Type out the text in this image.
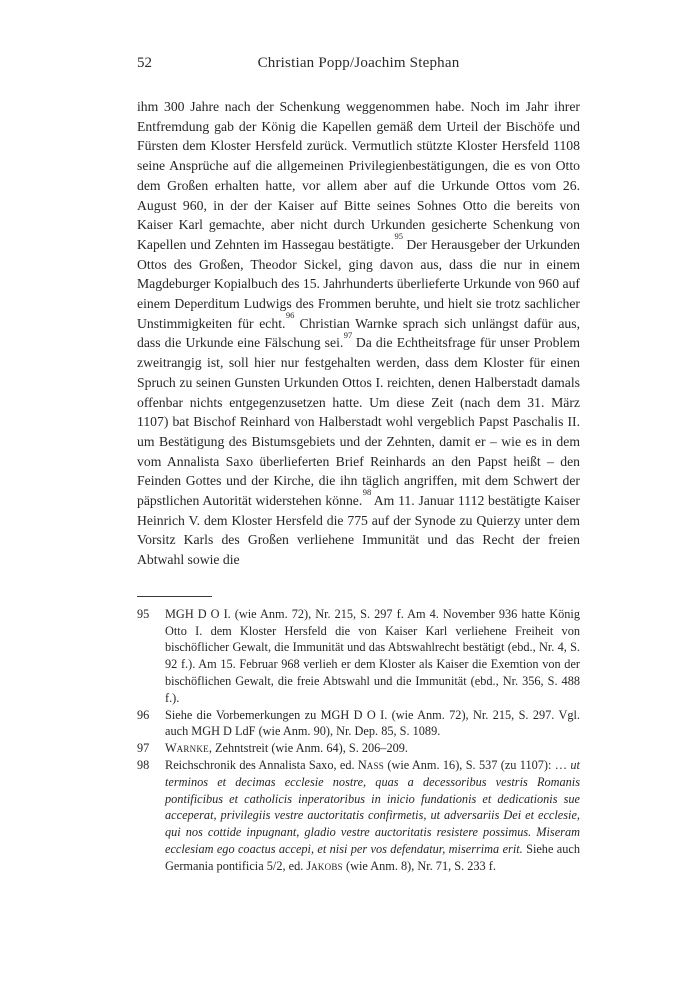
52	Christian Popp/Joachim Stephan
ihm 300 Jahre nach der Schenkung weggenommen habe. Noch im Jahr ihrer Entfremdung gab der König die Kapellen gemäß dem Urteil der Bischöfe und Fürsten dem Kloster Hersfeld zurück. Vermutlich stützte Kloster Hersfeld 1108 seine Ansprüche auf die allgemeinen Privilegienbestätigungen, die es von Otto dem Großen erhalten hatte, vor allem aber auf die Urkunde Ottos vom 26. August 960, in der der Kaiser auf Bitte seines Sohnes Otto die bereits von Kaiser Karl gemachte, aber nicht durch Urkunden gesicherte Schenkung von Kapellen und Zehnten im Hassegau bestätigte.$^{95}$ Der Herausgeber der Urkunden Ottos des Großen, Theodor Sickel, ging davon aus, dass die nur in einem Magdeburger Kopialbuch des 15. Jahrhunderts überlieferte Urkunde von 960 auf einem Deperditum Ludwigs des Frommen beruhte, und hielt sie trotz sachlicher Unstimmigkeiten für echt.$^{96}$ Christian Warnke sprach sich unlängst dafür aus, dass die Urkunde eine Fälschung sei.$^{97}$ Da die Echtheitsfrage für unser Problem zweitrangig ist, soll hier nur festgehalten werden, dass dem Kloster für einen Spruch zu seinen Gunsten Urkunden Ottos I. reichten, denen Halberstadt damals offenbar nichts entgegenzusetzen hatte. Um diese Zeit (nach dem 31. März 1107) bat Bischof Reinhard von Halberstadt wohl vergeblich Papst Paschalis II. um Bestätigung des Bistumsgebiets und der Zehnten, damit er – wie es in dem vom Annalista Saxo überlieferten Brief Reinhards an den Papst heißt – den Feinden Gottes und der Kirche, die ihn täglich angriffen, mit dem Schwert der päpstlichen Autorität widerstehen könne.$^{98}$ Am 11. Januar 1112 bestätigte Kaiser Heinrich V. dem Kloster Hersfeld die 775 auf der Synode zu Quierzy unter dem Vorsitz Karls des Großen verliehene Immunität und das Recht der freien Abtwahl sowie die
95	MGH D O I. (wie Anm. 72), Nr. 215, S. 297 f. Am 4. November 936 hatte König Otto I. dem Kloster Hersfeld die von Kaiser Karl verliehene Freiheit von bischöflicher Gewalt, die Immunität und das Abtswahlrecht bestätigt (ebd., Nr. 4, S. 92 f.). Am 15. Februar 968 verlieh er dem Kloster als Kaiser die Exemtion von der bischöflichen Gewalt, die freie Abtswahl und die Immunität (ebd., Nr. 356, S. 488 f.).
96	Siehe die Vorbemerkungen zu MGH D O I. (wie Anm. 72), Nr. 215, S. 297. Vgl. auch MGH D LdF (wie Anm. 90), Nr. Dep. 85, S. 1089.
97	Warnke, Zehntstreit (wie Anm. 64), S. 206–209.
98	Reichschronik des Annalista Saxo, ed. Nass (wie Anm. 16), S. 537 (zu 1107): … ut terminos et decimas ecclesie nostre, quas a decessoribus vestris Romanis pontificibus et catholicis inperatoribus in inicio fundationis et dedicationis sue acceperat, privilegiis vestre auctoritatis confirmetis, ut adversariis Dei et ecclesie, qui nos cottide inpugnant, gladio vestre auctoritatis resistere possimus. Miseram ecclesiam ego coactus accepi, et nisi per vos defendatur, miserrima erit. Siehe auch Germania pontificia 5/2, ed. Jakobs (wie Anm. 8), Nr. 71, S. 233 f.
